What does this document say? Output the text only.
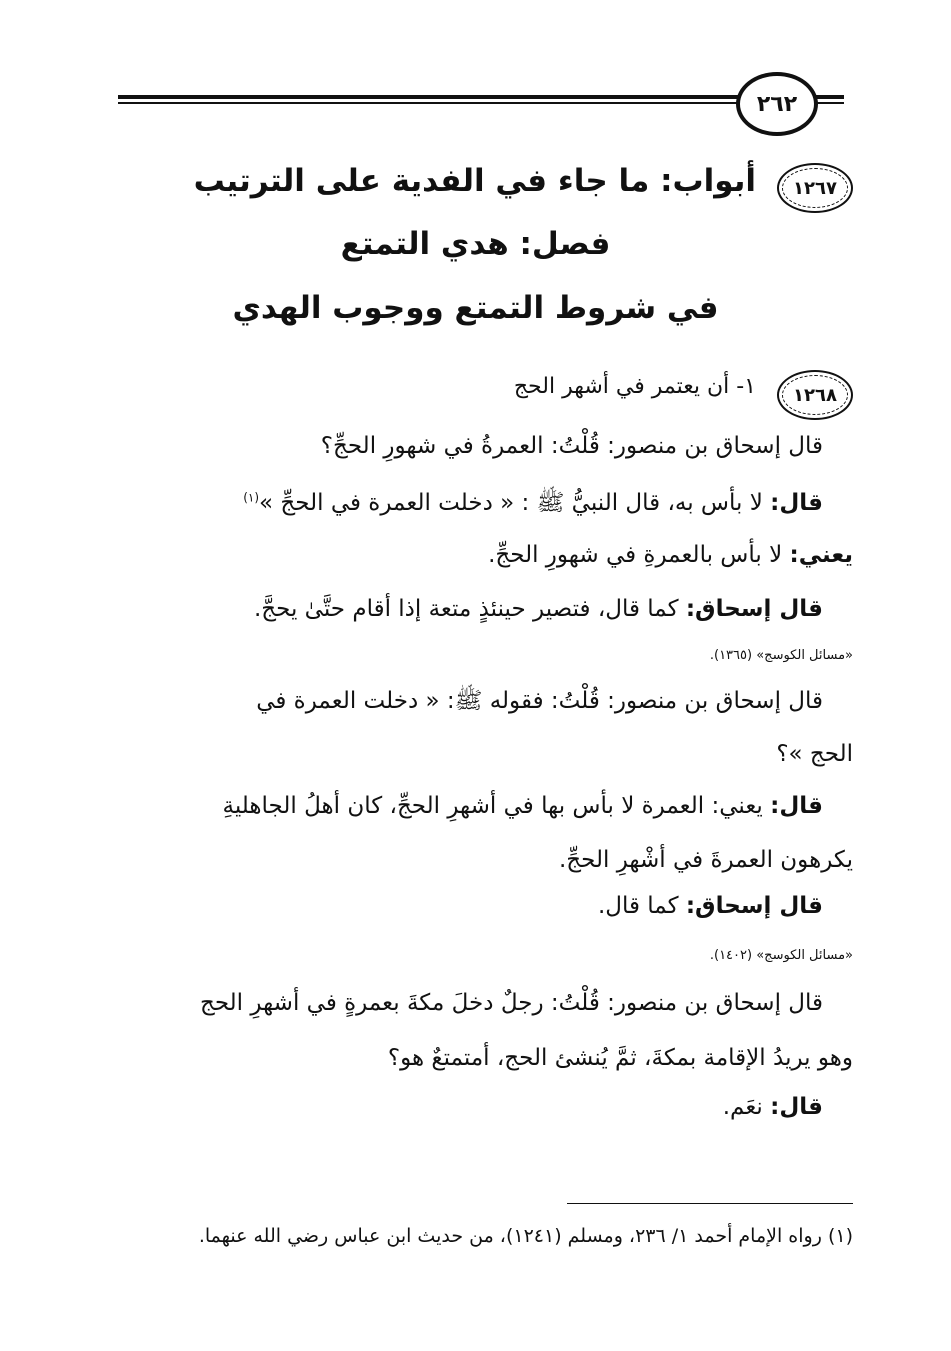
٢٦٢
١٢٦٧
أبواب: ما جاء في الفدية على الترتيب
فصل: هدي التمتع
في شروط التمتع ووجوب الهدي
١٢٦٨
١- أن يعتمر في أشهر الحج
قال إسحاق بن منصور: قُلْتُ: العمرةُ في شهورِ الحجِّ؟
قال: لا بأس به، قال النبيُّ ﷺ : « دخلت العمرة في الحجِّ »$^{(١)}$
يعني: لا بأس بالعمرةِ في شهورِ الحجِّ.
قال إسحاق: كما قال، فتصير حينئذٍ متعة إذا أقام حتَّىٰ يحجَّ.
«مسائل الكوسج» (١٣٦٥).
قال إسحاق بن منصور: قُلْتُ: فقوله ﷺ: « دخلت العمرة في
الحج »؟
قال: يعني: العمرة لا بأس بها في أشهرِ الحجِّ، كان أهلُ الجاهليةِ
يكرهون العمرةَ في أشْهرِ الحجِّ.
قال إسحاق: كما قال.
«مسائل الكوسج» (١٤٠٢).
قال إسحاق بن منصور: قُلْتُ: رجلٌ دخلَ مكةَ بعمرةٍ في أشهرِ الحج
وهو يريدُ الإقامة بمكةَ، ثمَّ يُنشئ الحج، أمتمتعٌ هو؟
قال: نعَم.
(١) رواه الإمام أحمد ١/ ٢٣٦، ومسلم (١٢٤١)، من حديث ابن عباس رضي الله عنهما.
